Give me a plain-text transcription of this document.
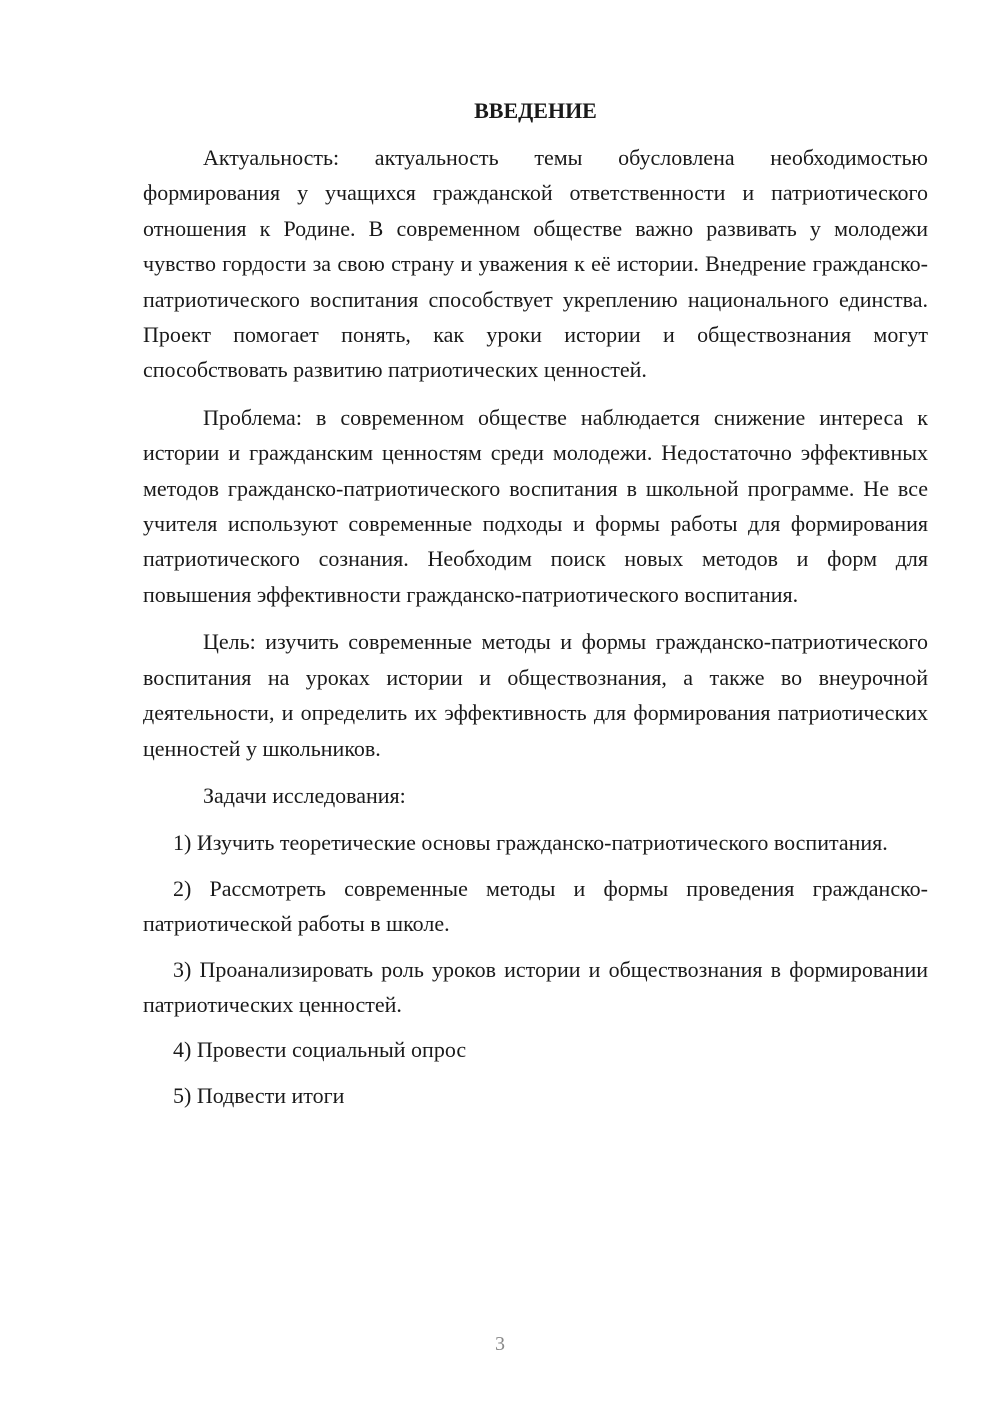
ВВЕДЕНИЕ

Актуальность: актуальность темы обусловлена необходимостью формирования у учащихся гражданской ответственности и патриотического отношения к Родине. В современном обществе важно развивать у молодежи чувство гордости за свою страну и уважения к её истории. Внедрение гражданско-патриотического воспитания способствует укреплению национального единства. Проект помогает понять, как уроки истории и обществознания могут способствовать развитию патриотических ценностей.

Проблема: в современном обществе наблюдается снижение интереса к истории и гражданским ценностям среди молодежи. Недостаточно эффективных методов гражданско-патриотического воспитания в школьной программе. Не все учителя используют современные подходы и формы работы для формирования патриотического сознания. Необходим поиск новых методов и форм для повышения эффективности гражданско-патриотического воспитания.

Цель: изучить современные методы и формы гражданско-патриотического воспитания на уроках истории и обществознания, а также во внеурочной деятельности, и определить их эффективность для формирования патриотических ценностей у школьников.

Задачи исследования:

1) Изучить теоретические основы гражданско-патриотического воспитания.

2) Рассмотреть современные методы и формы проведения гражданско-патриотической работы в школе.

3) Проанализировать роль уроков истории и обществознания в формировании патриотических ценностей.

4) Провести социальный опрос

5) Подвести итоги

3
